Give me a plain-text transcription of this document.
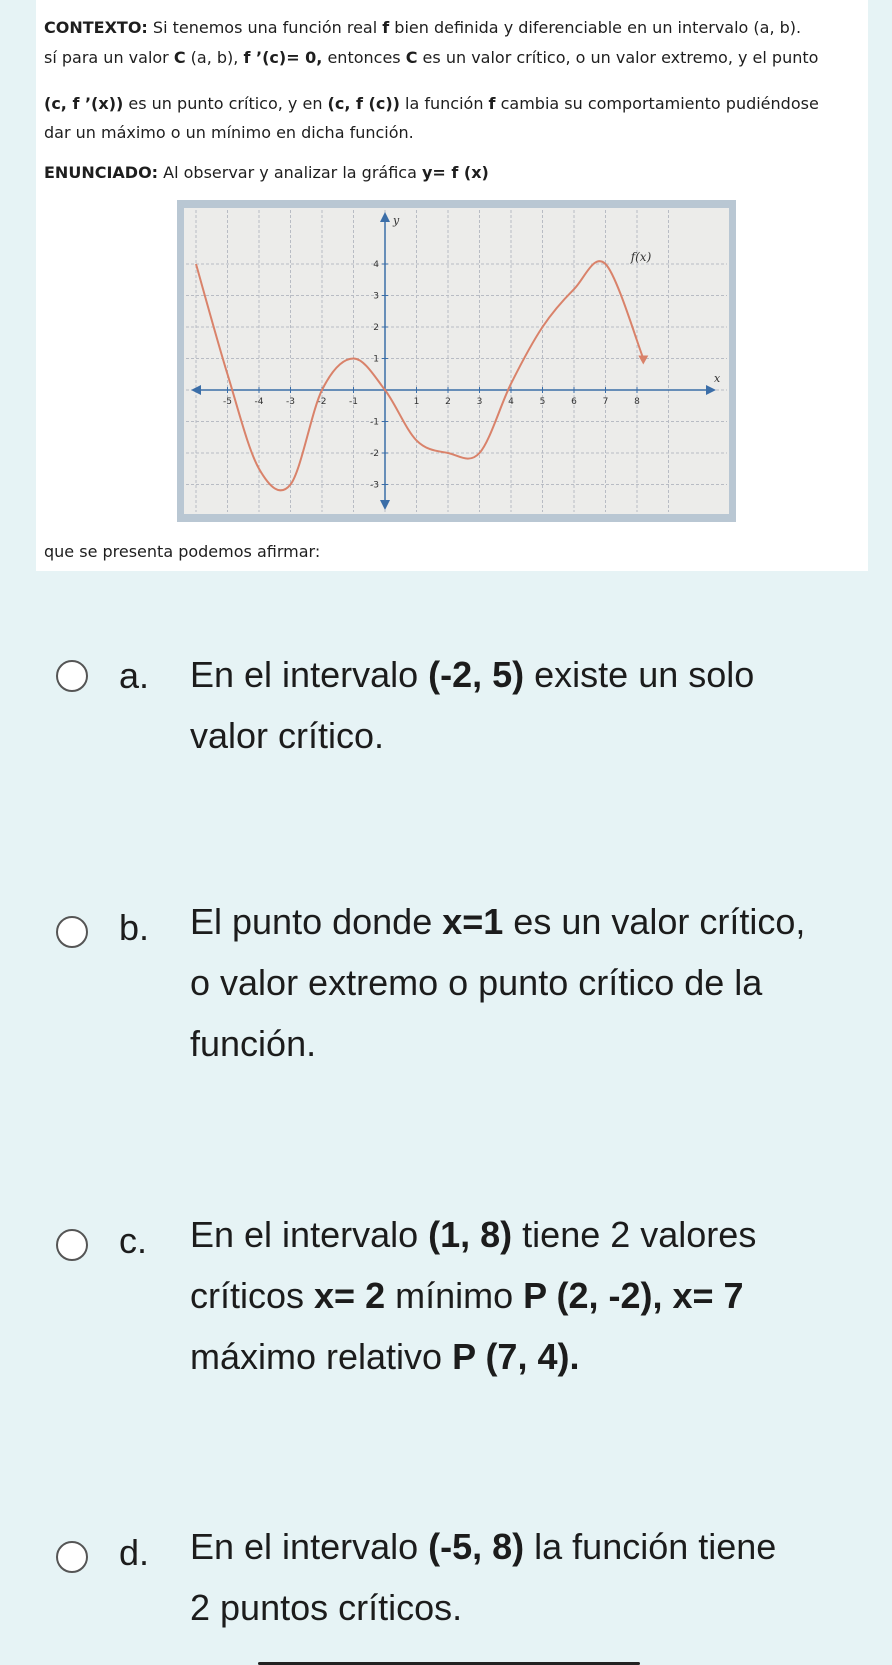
CONTEXTO: Si tenemos una función real f bien definida y diferenciable en un intervalo (a, b).
sí para un valor C (a, b), f ’(c)= 0, entonces C es un valor crítico, o un valor extremo, y el punto
(c, f ’(x)) es un punto crítico, y en (c, f (c)) la función f cambia su comportamiento pudiéndose
dar un máximo o un mínimo en dicha función.
ENUNCIADO: Al observar y analizar la gráfica y= f (x)
-5	-4	-3	-2	-1	1	2	3	4	5	6	7	8
4
3
2
1
-1
-2
-3
x
y
f(x)
que se presenta podemos afirmar:
a. En el intervalo (-2, 5) existe un solo
valor crítico.
b. El punto donde x=1 es un valor crítico,
o valor extremo o punto crítico de la
función.
c. En el intervalo (1, 8) tiene 2 valores
críticos x= 2 mínimo P (2, -2), x= 7
máximo relativo P (7, 4).
d. En el intervalo (-5, 8) la función tiene
2 puntos críticos.
